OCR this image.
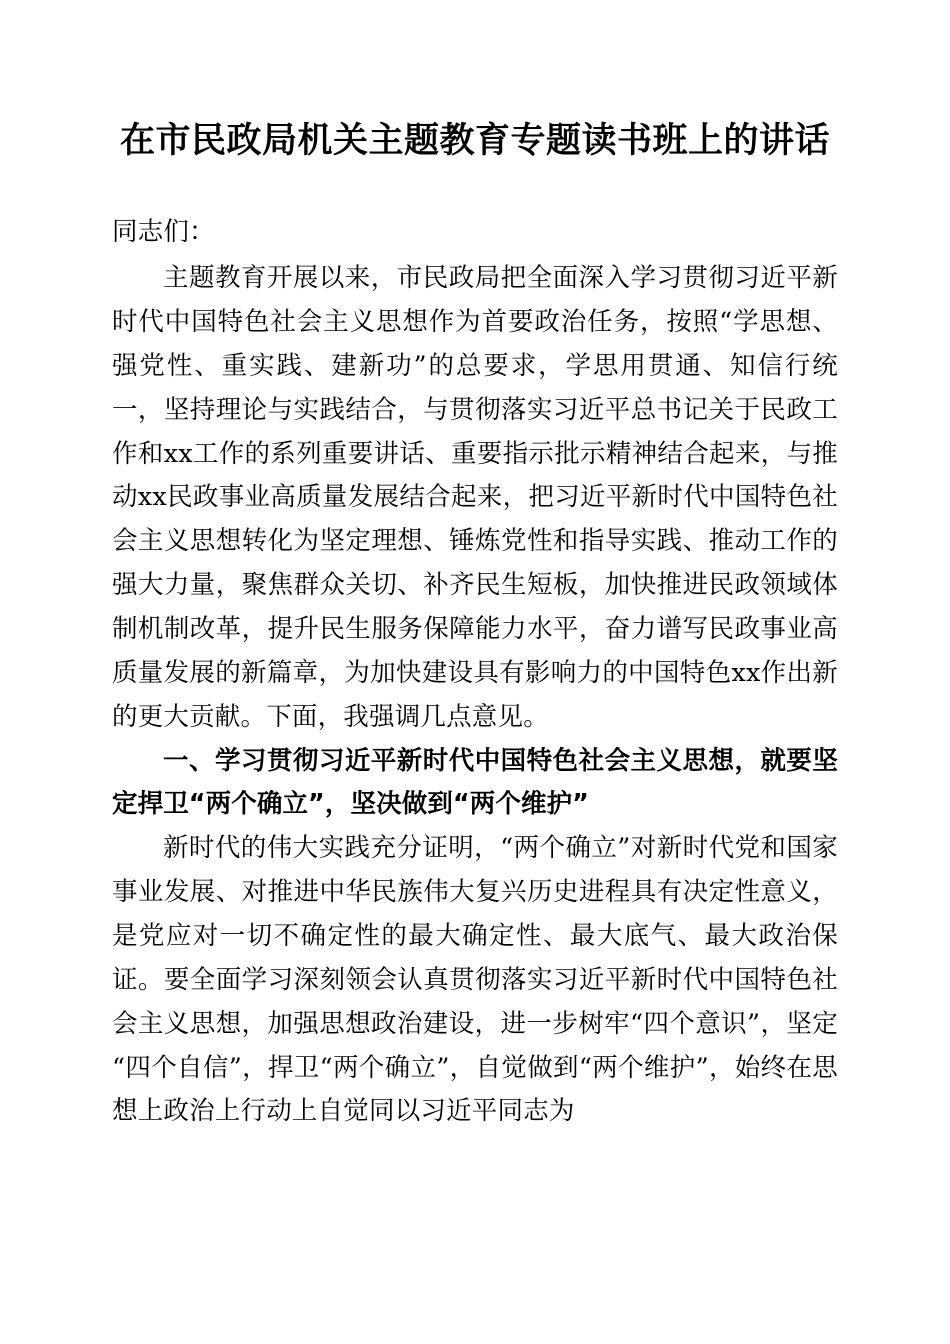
在市民政局机关主题教育专题读书班上的讲话

同志们：

主题教育开展以来，市民政局把全面深入学习贯彻习近平新时代中国特色社会主义思想作为首要政治任务，按照“学思想、强党性、重实践、建新功”的总要求，学思用贯通、知信行统一，坚持理论与实践结合，与贯彻落实习近平总书记关于民政工作和xx工作的系列重要讲话、重要指示批示精神结合起来，与推动xx民政事业高质量发展结合起来，把习近平新时代中国特色社会主义思想转化为坚定理想、锤炼党性和指导实践、推动工作的强大力量，聚焦群众关切、补齐民生短板，加快推进民政领域体制机制改革，提升民生服务保障能力水平，奋力谱写民政事业高质量发展的新篇章，为加快建设具有影响力的中国特色xx作出新的更大贡献。下面，我强调几点意见。

一、学习贯彻习近平新时代中国特色社会主义思想，就要坚定捍卫“两个确立”，坚决做到“两个维护”

新时代的伟大实践充分证明，“两个确立”对新时代党和国家事业发展、对推进中华民族伟大复兴历史进程具有决定性意义，是党应对一切不确定性的最大确定性、最大底气、最大政治保证。要全面学习深刻领会认真贯彻落实习近平新时代中国特色社会主义思想，加强思想政治建设，进一步树牢“四个意识”，坚定“四个自信”，捍卫“两个确立”，自觉做到“两个维护”，始终在思想上政治上行动上自觉同以习近平同志为
